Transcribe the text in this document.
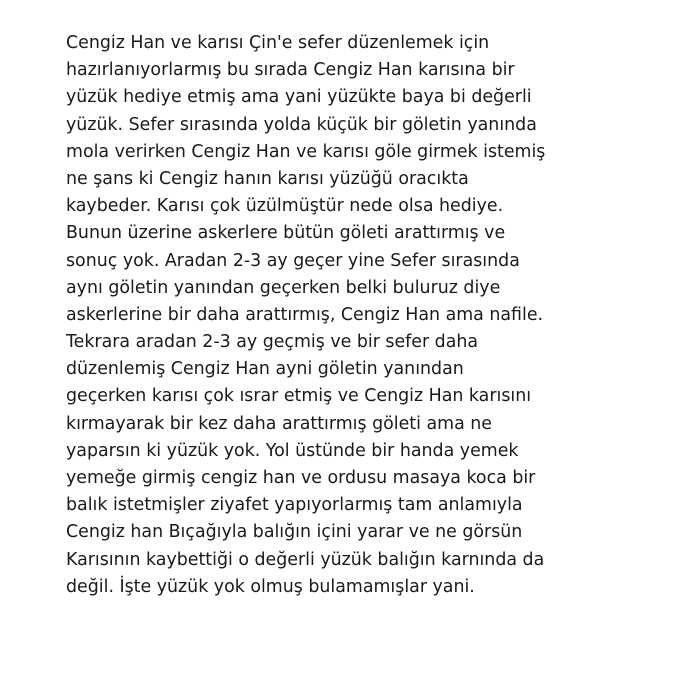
Cengiz Han ve karısı Çin'e sefer düzenlemek için
hazırlanıyorlarmış bu sırada Cengiz Han karısına bir
yüzük hediye etmiş ama yani yüzükte baya bi değerli
yüzük. Sefer sırasında yolda küçük bir göletin yanında
mola verirken Cengiz Han ve karısı göle girmek istemiş
ne şans ki Cengiz hanın karısı yüzüğü oracıkta
kaybeder. Karısı çok üzülmüştür nede olsa hediye.
Bunun üzerine askerlere bütün göleti arattırmış ve
sonuç yok. Aradan 2-3 ay geçer yine Sefer sırasında
aynı göletin yanından geçerken belki buluruz diye
askerlerine bir daha arattırmış, Cengiz Han ama nafile.
Tekrara aradan 2-3 ay geçmiş ve bir sefer daha
düzenlemiş Cengiz Han ayni göletin yanından
geçerken karısı çok ısrar etmiş ve Cengiz Han karısını
kırmayarak bir kez daha arattırmış göleti ama ne
yaparsın ki yüzük yok. Yol üstünde bir handa yemek
yemeğe girmiş cengiz han ve ordusu masaya koca bir
balık istetmişler ziyafet yapıyorlarmış tam anlamıyla
Cengiz han Bıçağıyla balığın içini yarar ve ne görsün
Karısının kaybettiği o değerli yüzük balığın karnında da
değil. İşte yüzük yok olmuş bulamamışlar yani.
